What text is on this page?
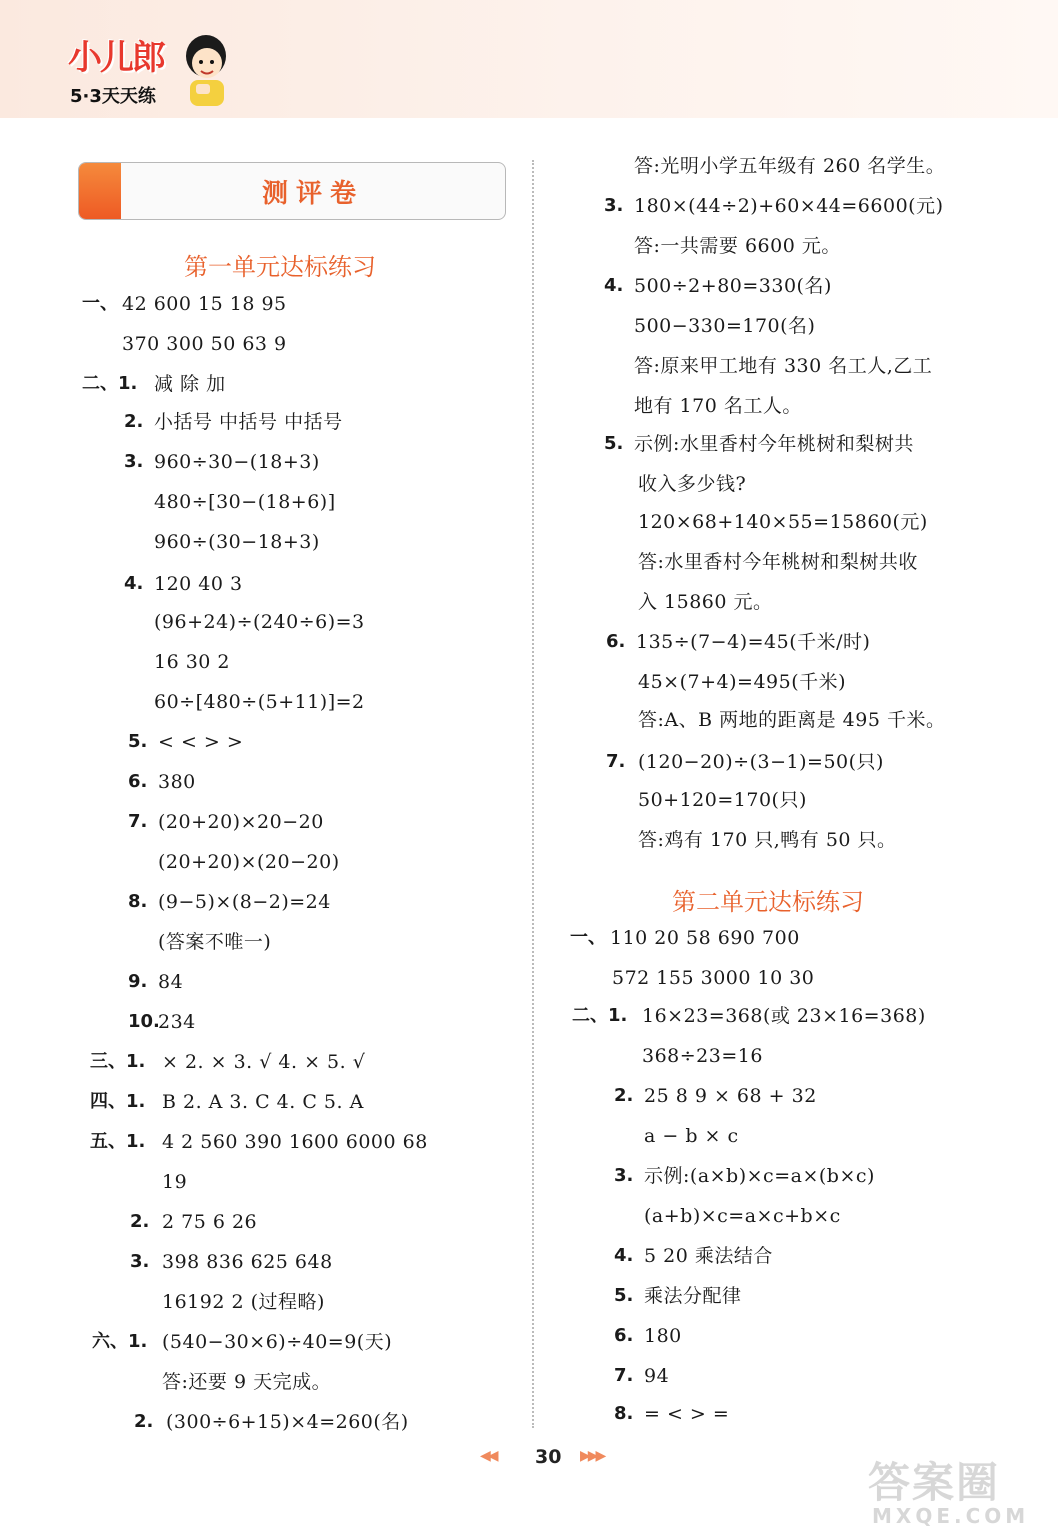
小儿郎
5·3天天练
测评卷
第一单元达标练习
第二单元达标练习
一、 42 600 15 18 95
370 300 50 63 9
二、1. 减 除 加
2. 小括号 中括号 中括号
3. 960÷30−(18+3)
480÷[30−(18+6)]
960÷(30−18+3)
4. 120 40 3
(96+24)÷(240÷6)=3
16 30 2
60÷[480÷(5+11)]=2
5. < < > >
6. 380
7. (20+20)×20−20
(20+20)×(20−20)
8. (9−5)×(8−2)=24
(答案不唯一)
9. 84
10.
234
三、1. × 2. × 3. √ 4. × 5. √
四、1. B 2. A 3. C 4. C 5. A
五、1. 4 2 560 390 1600 6000 68
19
2. 2 75 6 26
3. 398 836 625 648
16192 2 (过程略)
六、1. (540−30×6)÷40=9(天)
答:还要 9 天完成。
2. (300÷6+15)×4=260(名)
答:光明小学五年级有 260 名学生。
3. 180×(44÷2)+60×44=6600(元)
答:一共需要 6600 元。
4. 500÷2+80=330(名)
500−330=170(名)
答:原来甲工地有 330 名工人,乙工
地有 170 名工人。
5. 示例:水里香村今年桃树和梨树共
收入多少钱?
120×68+140×55=15860(元)
答:水里香村今年桃树和梨树共收
入 15860 元。
6. 135÷(7−4)=45(千米/时)
45×(7+4)=495(千米)
答:A、B 两地的距离是 495 千米。
7. (120−20)÷(3−1)=50(只)
50+120=170(只)
答:鸡有 170 只,鸭有 50 只。
一、 110 20 58 690 700
572 155 3000 10 30
二、1. 16×23=368(或 23×16=368)
368÷23=16
2. 25 8 9 × 68 + 32
a − b × c
3. 示例:(a×b)×c=a×(b×c)
(a+b)×c=a×c+b×c
4. 5 20 乘法结合
5. 乘法分配律
6. 180
7. 94
8. = < > =
◀◀ 30 ▶▶▶
答案圈
MXQE.COM
